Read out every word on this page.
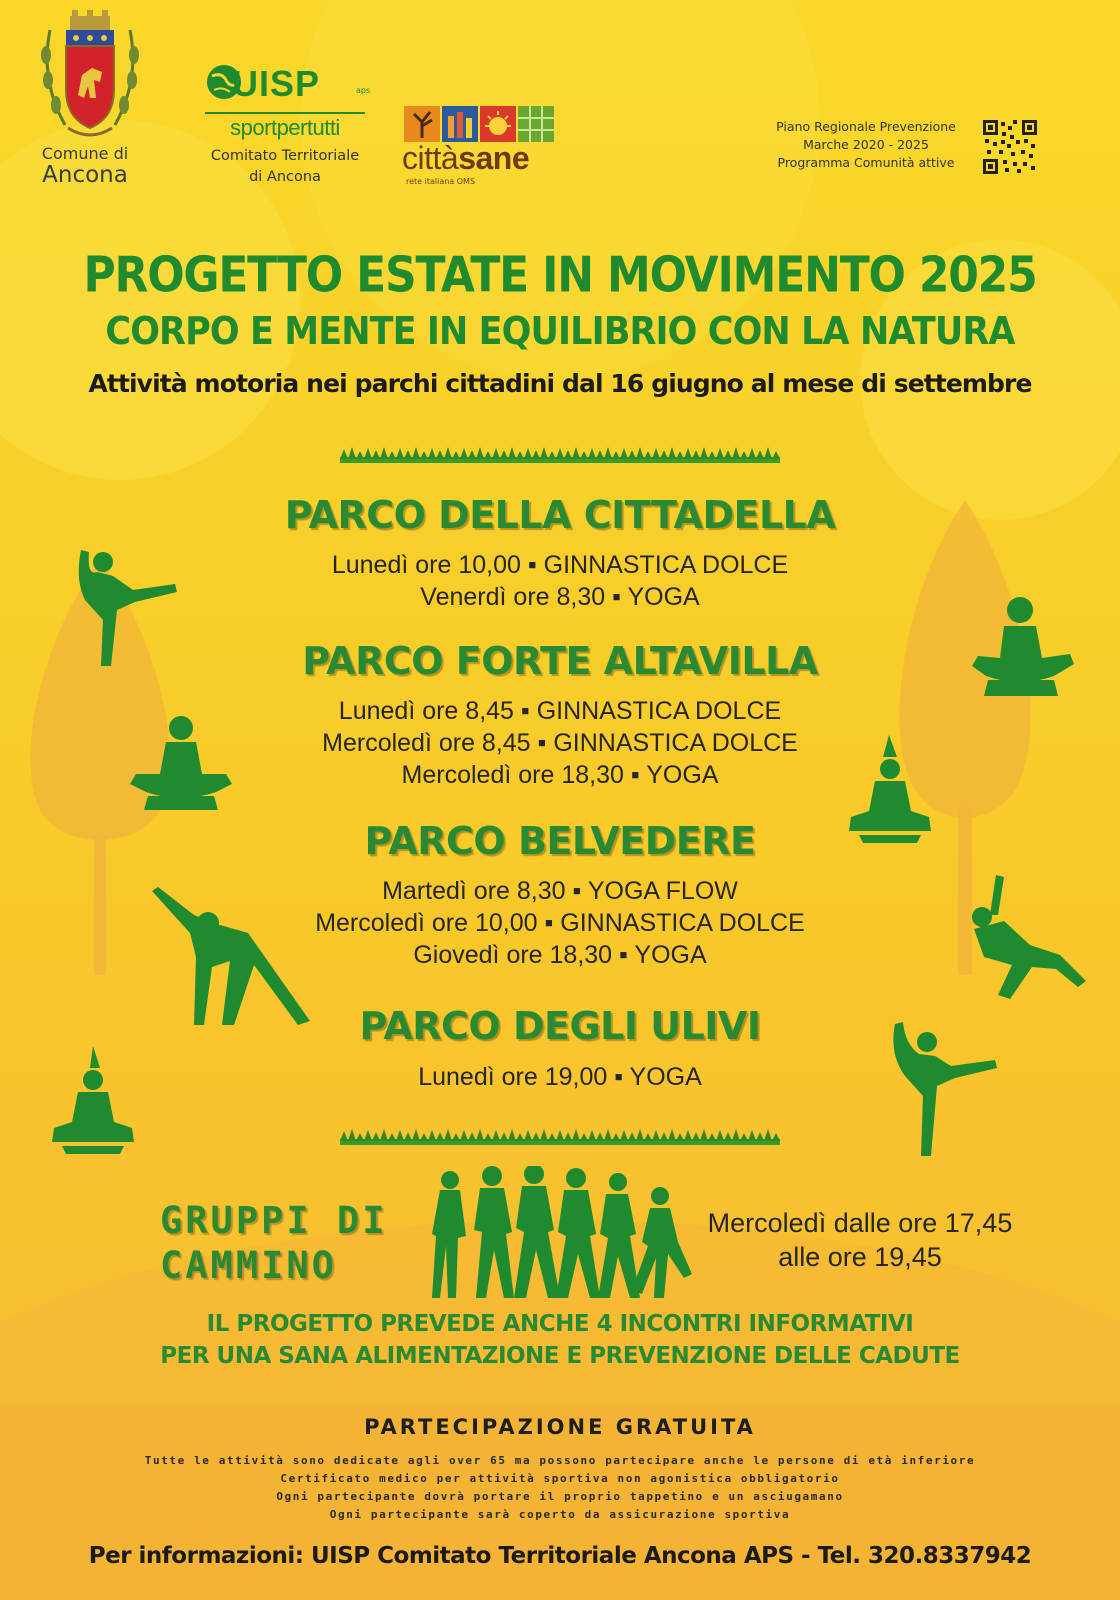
Comune di
Ancona
UISP	aps
sportpertutti
Comitato Territoriale
di Ancona
cittàsane
rete italiana OMS
Piano Regionale Prevenzione
Marche 2020 - 2025
Programma Comunità attive
PROGETTO ESTATE IN MOVIMENTO 2025
CORPO E MENTE IN EQUILIBRIO CON LA NATURA
Attività motoria nei parchi cittadini dal 16 giugno al mese di settembre
PARCO DELLA CITTADELLA
Lunedì ore 10,00 ▪ GINNASTICA DOLCE
Venerdì ore 8,30 ▪ YOGA
PARCO FORTE ALTAVILLA
Lunedì ore 8,45 ▪ GINNASTICA DOLCE
Mercoledì ore 8,45 ▪ GINNASTICA DOLCE
Mercoledì ore 18,30 ▪ YOGA
PARCO BELVEDERE
Martedì ore 8,30 ▪ YOGA FLOW
Mercoledì ore 10,00 ▪ GINNASTICA DOLCE
Giovedì ore 18,30 ▪ YOGA
PARCO DEGLI ULIVI
Lunedì ore 19,00 ▪ YOGA
GRUPPI DI
CAMMINO
Mercoledì dalle ore 17,45
alle ore 19,45
IL PROGETTO PREVEDE ANCHE 4 INCONTRI INFORMATIVI
PER UNA SANA ALIMENTAZIONE E PREVENZIONE DELLE CADUTE
PARTECIPAZIONE GRATUITA
Tutte le attività sono dedicate agli over 65 ma possono partecipare anche le persone di età inferiore
Certificato medico per attività sportiva non agonistica obbligatorio
Ogni partecipante dovrà portare il proprio tappetino e un asciugamano
Ogni partecipante sarà coperto da assicurazione sportiva
Per informazioni: UISP Comitato Territoriale Ancona APS - Tel. 320.8337942
